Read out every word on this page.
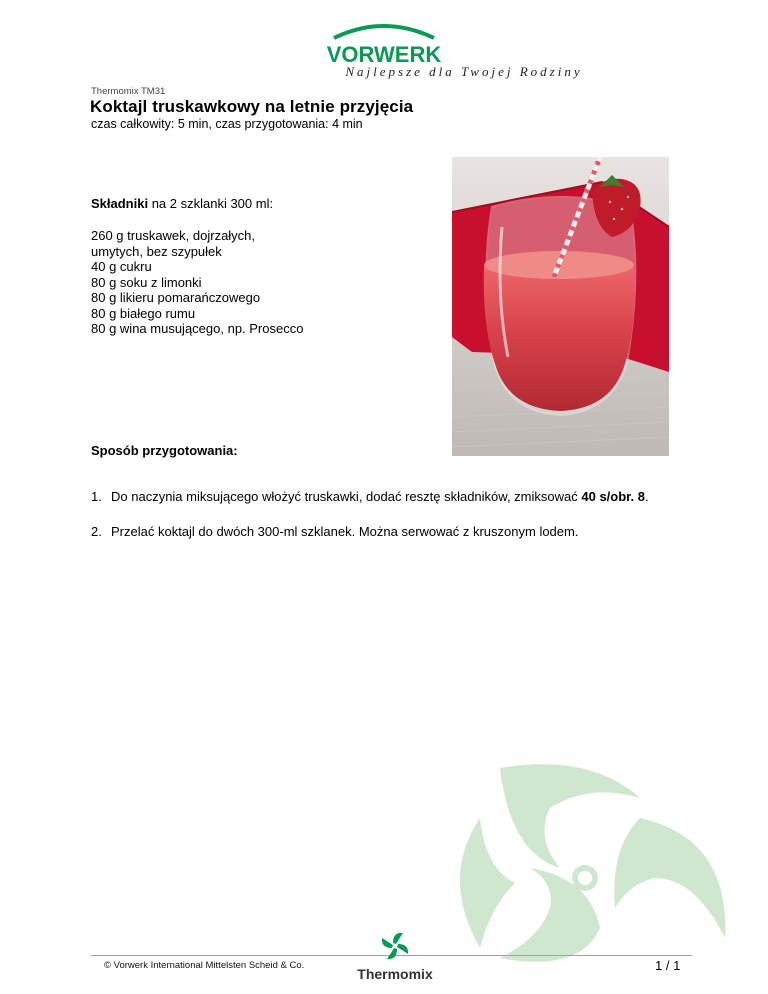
VORWERK
Najlepsze dla Twojej Rodziny
Thermomix TM31
Koktajl truskawkowy na letnie przyjęcia
czas całkowity: 5 min, czas przygotowania: 4 min
Składniki na 2 szklanki 300 ml:
260 g truskawek, dojrzałych,
umytych, bez szypułek
40 g cukru
80 g soku z limonki
80 g likieru pomarańczowego
80 g białego rumu
80 g wina musującego, np. Prosecco
Sposób przygotowania:
1. Do naczynia miksującego włożyć truskawki, dodać resztę składników, zmiksować 40 s/obr. 8.
2. Przelać koktajl do dwóch 300-ml szklanek. Można serwować z kruszonym lodem.
© Vorwerk International Mittelsten Scheid & Co.
Thermomix
1 / 1
